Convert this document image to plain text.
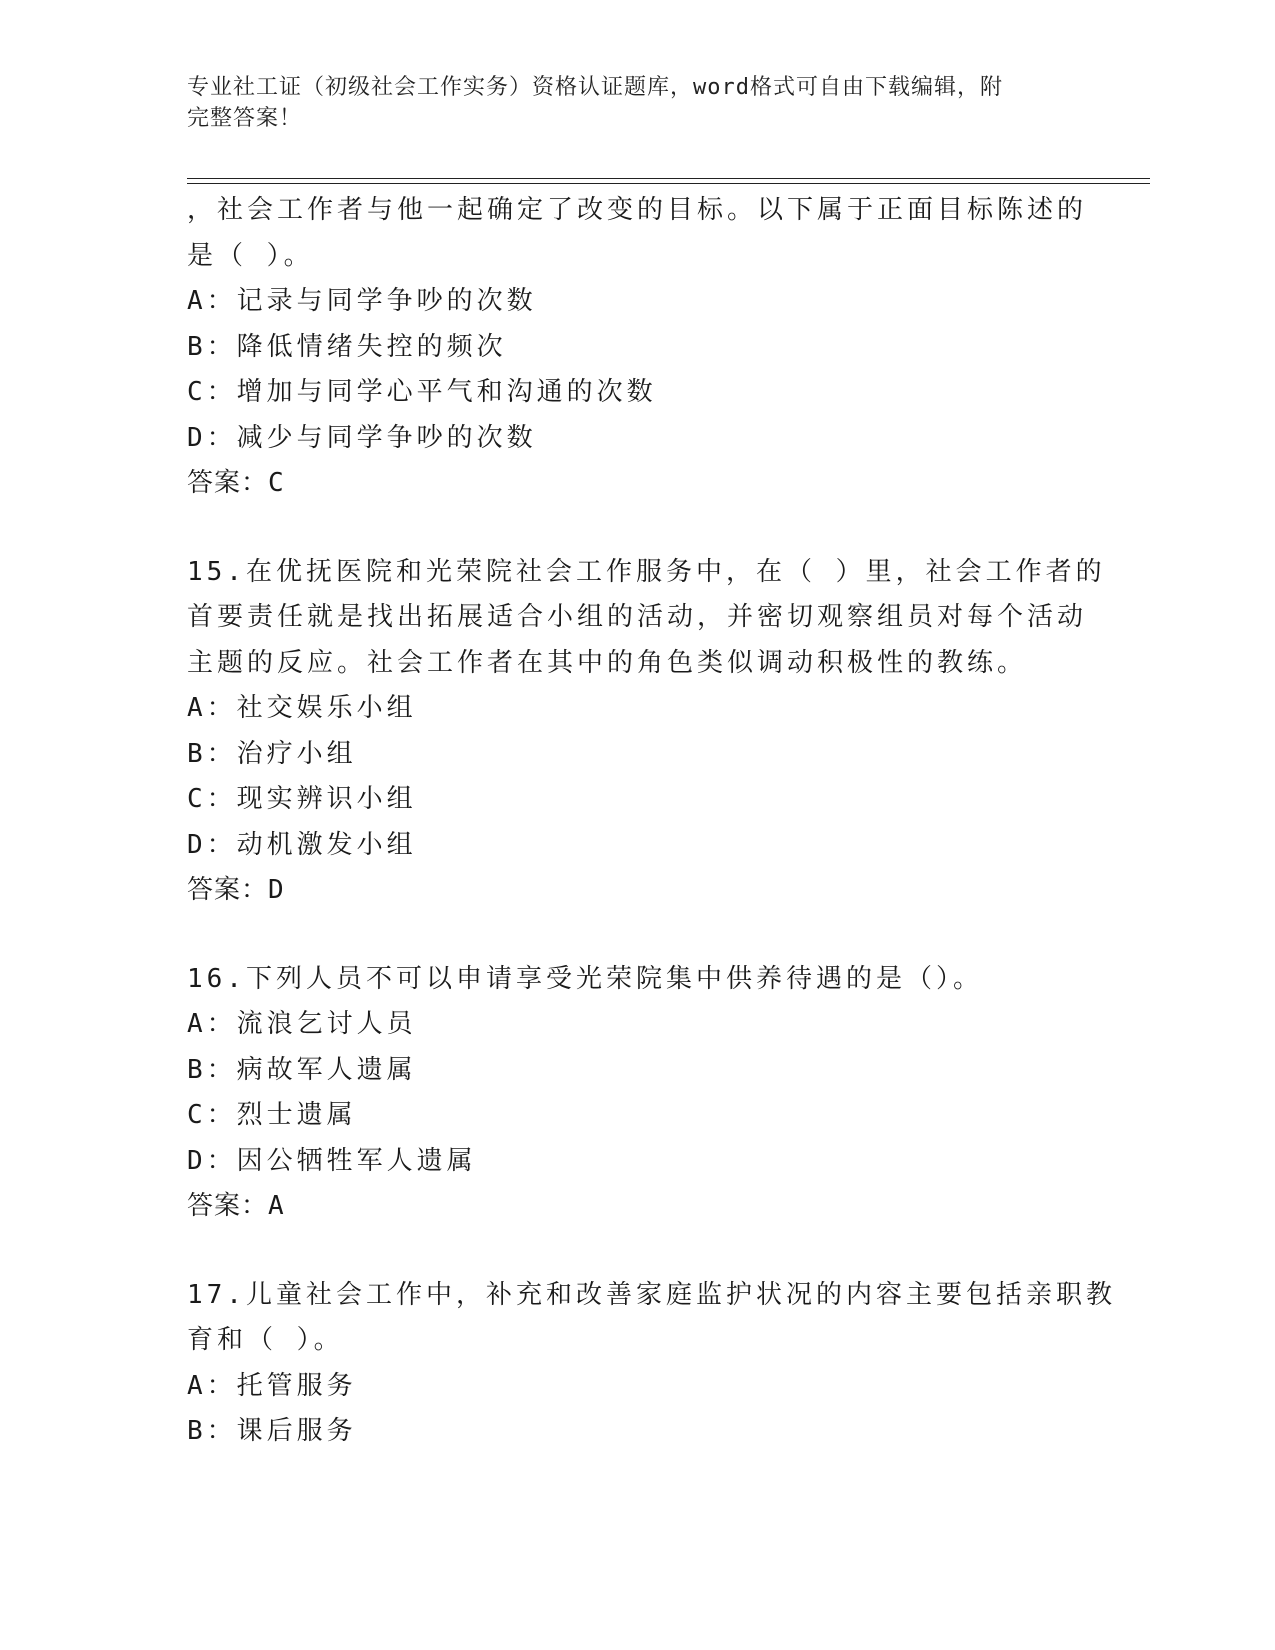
专业社工证（初级社会工作实务）资格认证题库，word格式可自由下载编辑，附
完整答案！
，社会工作者与他一起确定了改变的目标。以下属于正面目标陈述的
是（ ）。
A：记录与同学争吵的次数
B：降低情绪失控的频次
C：增加与同学心平气和沟通的次数
D：减少与同学争吵的次数
答案：C
15.在优抚医院和光荣院社会工作服务中，在（ ）里，社会工作者的
首要责任就是找出拓展适合小组的活动，并密切观察组员对每个活动
主题的反应。社会工作者在其中的角色类似调动积极性的教练。
A：社交娱乐小组
B：治疗小组
C：现实辨识小组
D：动机激发小组
答案：D
16.下列人员不可以申请享受光荣院集中供养待遇的是（）。
A：流浪乞讨人员
B：病故军人遗属
C：烈士遗属
D：因公牺牲军人遗属
答案：A
17.儿童社会工作中，补充和改善家庭监护状况的内容主要包括亲职教
育和（ ）。
A：托管服务
B：课后服务
